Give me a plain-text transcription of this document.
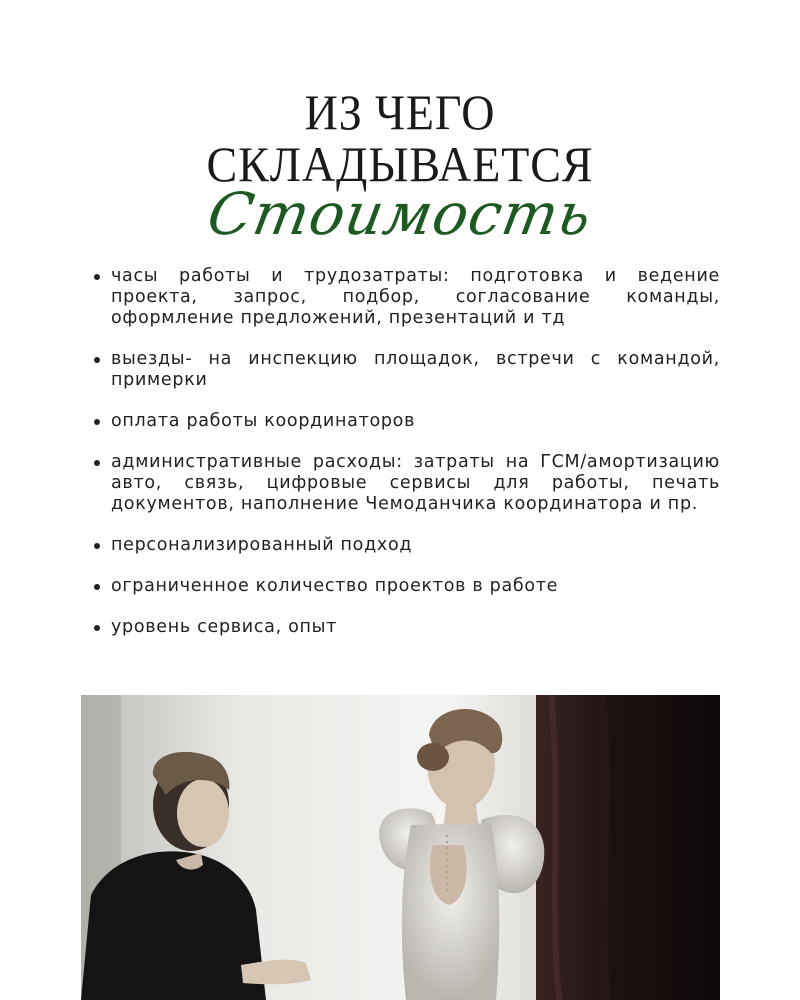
ИЗ ЧЕГО
СКЛАДЫВАЕТСЯ
Стоимость
часы работы и трудозатраты: подготовка и ведение проекта, запрос, подбор, согласование команды, оформление предложений, презентаций и тд
выезды- на инспекцию площадок, встречи с командой, примерки
оплата работы координаторов
административные расходы: затраты на ГСМ/амортизацию авто, связь, цифровые сервисы для работы, печать документов, наполнение Чемоданчика координатора и пр.
персонализированный подход
ограниченное количество проектов в работе
уровень сервиса, опыт
